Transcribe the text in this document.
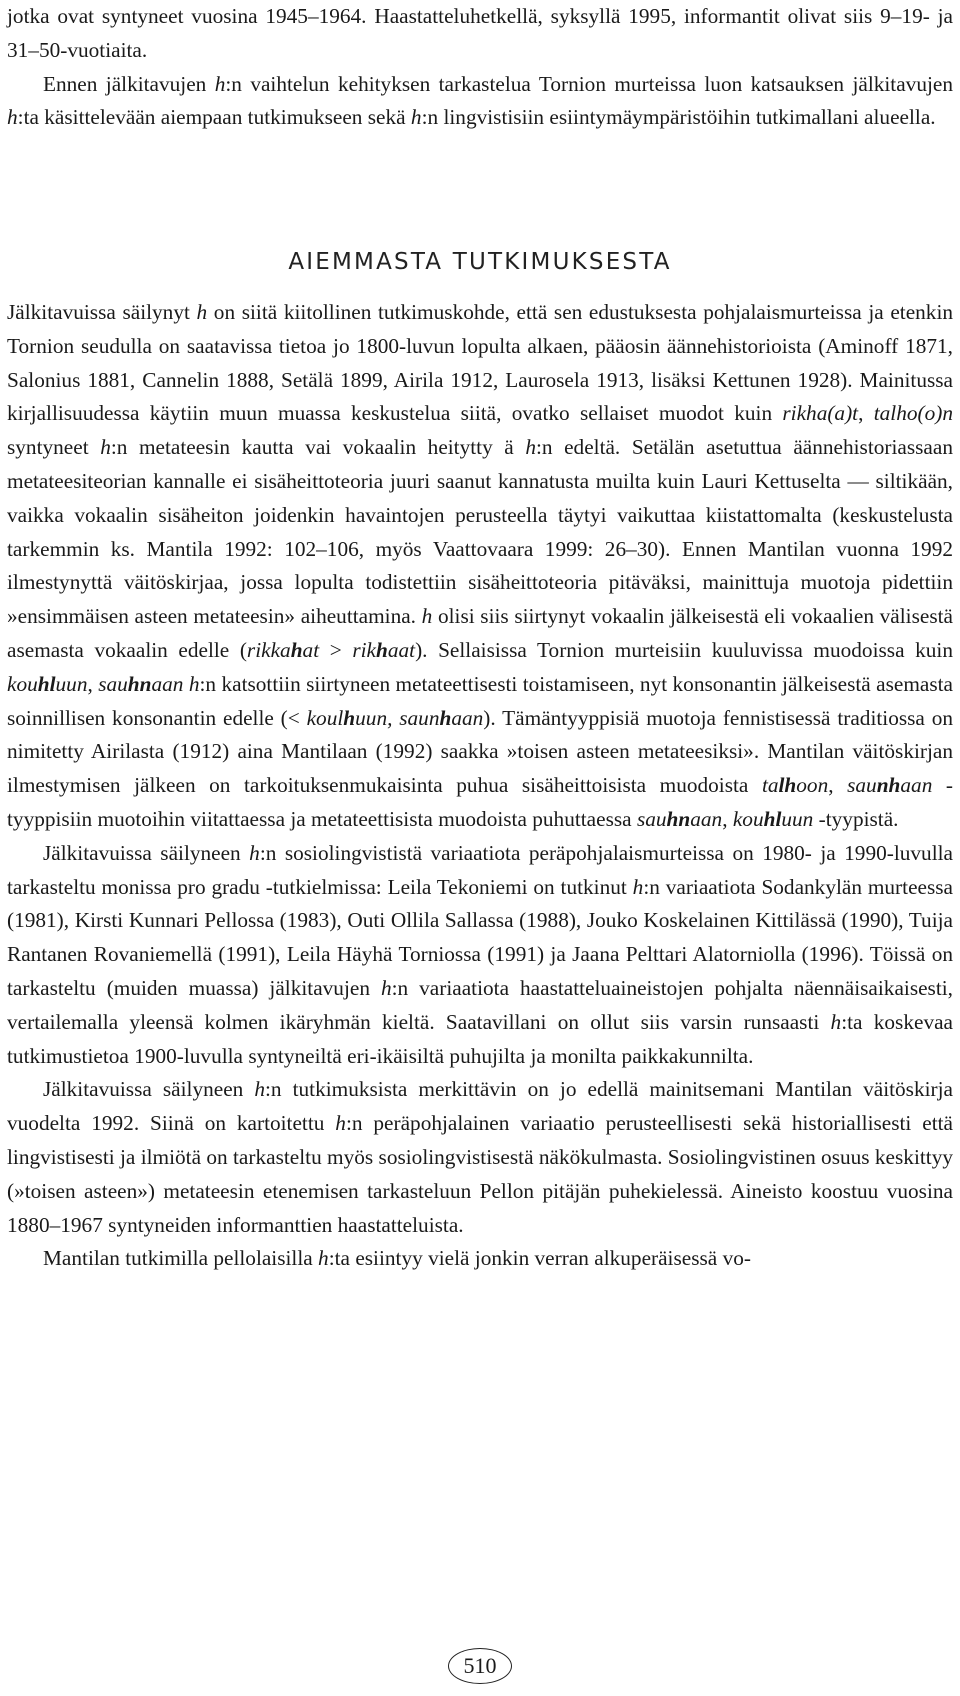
jotka ovat syntyneet vuosina 1945–1964. Haastatteluhetkellä, syksyllä 1995, informantit olivat siis 9–19- ja 31–50-vuotiaita.

Ennen jälkitavujen h:n vaihtelun kehityksen tarkastelua Tornion murteissa luon katsauksen jälkitavujen h:ta käsittelevään aiempaan tutkimukseen sekä h:n lingvistisiin esiintymäympäristöihin tutkimallani alueella.

AIEMMASTA TUTKIMUKSESTA

Jälkitavuissa säilynyt h on siitä kiitollinen tutkimuskohde, että sen edustuksesta pohjalaismurteissa ja etenkin Tornion seudulla on saatavissa tietoa jo 1800-luvun lopulta alkaen, pääosin äännehistorioista (Aminoff 1871, Salonius 1881, Cannelin 1888, Setälä 1899, Airila 1912, Laurosela 1913, lisäksi Kettunen 1928). Mainitussa kirjallisuudessa käytiin muun muassa keskustelua siitä, ovatko sellaiset muodot kuin rikha(a)t, talho(o)n syntyneet h:n metateesin kautta vai vokaalin heitytty ä h:n edeltä. Setälän asetuttua äännehistoriassaan metateesiteorian kannalle ei sisäheittoteoria juuri saanut kannatusta muilta kuin Lauri Kettuselta — siltikään, vaikka vokaalin sisäheiton joidenkin havaintojen perusteella täytyi vaikuttaa kiistattomalta (keskustelusta tarkemmin ks. Mantila 1992: 102–106, myös Vaattovaara 1999: 26–30). Ennen Mantilan vuonna 1992 ilmestynyttä väitöskirjaa, jossa lopulta todistettiin sisäheittoteoria pitäväksi, mainittuja muotoja pidettiin »ensimmäisen asteen metateesin» aiheuttamina. h olisi siis siirtynyt vokaalin jälkeisestä eli vokaalien välisestä asemasta vokaalin edelle (rikkahat > rikhaat). Sellaisissa Tornion murteisiin kuuluvissa muodoissa kuin kouhluun, sauhnaan h:n katsottiin siirtyneen metateettisesti toistamiseen, nyt konsonantin jälkeisestä asemasta soinnillisen konsonantin edelle (< koulhuun, saunhaan). Tämäntyyppisiä muotoja fennistisessä traditiossa on nimitetty Airilasta (1912) aina Mantilaan (1992) saakka »toisen asteen metateesiksi». Mantilan väitöskirjan ilmestymisen jälkeen on tarkoituksenmukaisinta puhua sisäheittoisista muodoista talhoon, saunhaan -tyyppisiin muotoihin viitattaessa ja metateettisista muodoista puhuttaessa sauhnaan, kouhluun -tyypistä.

Jälkitavuissa säilyneen h:n sosiolingvististä variaatiota peräpohjalaismurteissa on 1980- ja 1990-luvulla tarkasteltu monissa pro gradu -tutkielmissa: Leila Tekoniemi on tutkinut h:n variaatiota Sodankylän murteessa (1981), Kirsti Kunnari Pellossa (1983), Outi Ollila Sallassa (1988), Jouko Koskelainen Kittilässä (1990), Tuija Rantanen Rovaniemellä (1991), Leila Häyhä Torniossa (1991) ja Jaana Pelttari Alatorniolla (1996). Töissä on tarkasteltu (muiden muassa) jälkitavujen h:n variaatiota haastatteluaineistojen pohjalta näennäisaikaisesti, vertailemalla yleensä kolmen ikäryhmän kieltä. Saatavillani on ollut siis varsin runsaasti h:ta koskevaa tutkimustietoa 1900-luvulla syntyneiltä eri-ikäisiltä puhujilta ja monilta paikkakunnilta.

Jälkitavuissa säilyneen h:n tutkimuksista merkittävin on jo edellä mainitsemani Mantilan väitöskirja vuodelta 1992. Siinä on kartoitettu h:n peräpohjalainen variaatio perusteellisesti sekä historiallisesti että lingvistisesti ja ilmiötä on tarkasteltu myös sosiolingvistisestä näkökulmasta. Sosiolingvistinen osuus keskittyy (»toisen asteen») metateesin etenemisen tarkasteluun Pellon pitäjän puhekielessä. Aineisto koostuu vuosina 1880–1967 syntyneiden informanttien haastatteluista.

Mantilan tutkimilla pellolaisilla h:ta esiintyy vielä jonkin verran alkuperäisessä vo-

510
